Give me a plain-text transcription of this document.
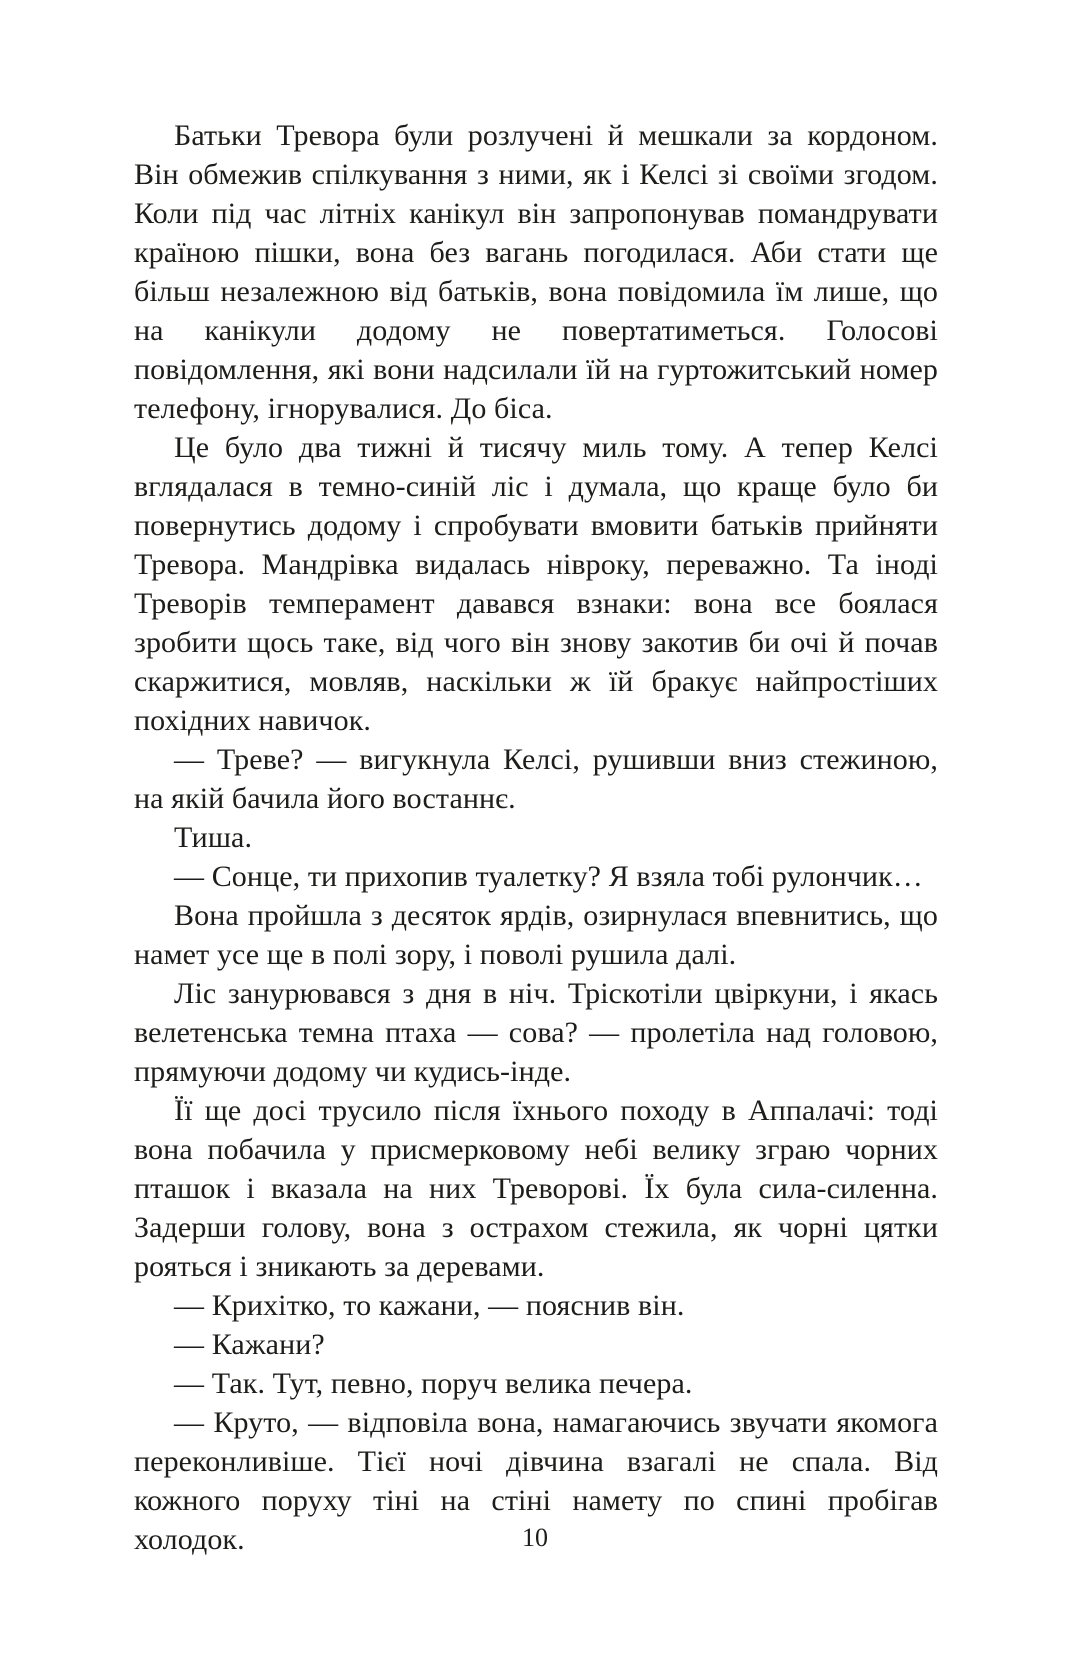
Батьки Тревора були розлучені й мешкали за кордоном. Він обмежив спілкування з ними, як і Келсі зі своїми згодом. Коли під час літніх канікул він запропонував помандрувати країною пішки, вона без вагань погодилася. Аби стати ще більш незалежною від батьків, вона повідомила їм лише, що на канікули додому не повертатиметься. Голосові повідомлення, які вони надсилали їй на гуртожитський номер телефону, ігнорувалися. До біса.

Це було два тижні й тисячу миль тому. А тепер Келсі вглядалася в темно-синій ліс і думала, що краще було би повернутись додому і спробувати вмовити батьків прийняти Тревора. Мандрівка видалась нівроку, переважно. Та іноді Треворів темперамент давався взнаки: вона все боялася зробити щось таке, від чого він знову закотив би очі й почав скаржитися, мовляв, наскільки ж їй бракує найпростіших похідних навичок.

— Треве? — вигукнула Келсі, рушивши вниз стежиною, на якій бачила його востаннє.

Тиша.

— Сонце, ти прихопив туалетку? Я взяла тобі рулончик…

Вона пройшла з десяток ярдів, озирнулася впевнитись, що намет усе ще в полі зору, і поволі рушила далі.

Ліс занурювався з дня в ніч. Тріскотіли цвіркуни, і якась велетенська темна птаха — сова? — пролетіла над головою, прямуючи додому чи кудись-інде.

Її ще досі трусило після їхнього походу в Аппалачі: тоді вона побачила у присмерковому небі велику зграю чорних пташок і вказала на них Треворові. Їх була сила-силенна. Задерши голову, вона з острахом стежила, як чорні цятки рояться і зникають за деревами.

— Крихітко, то кажани, — пояснив він.

— Кажани?

— Так. Тут, певно, поруч велика печера.

— Круто, — відповіла вона, намагаючись звучати якомога переконливіше. Тієї ночі дівчина взагалі не спала. Від кожного поруху тіні на стіні намету по спині пробігав холодок.	10
